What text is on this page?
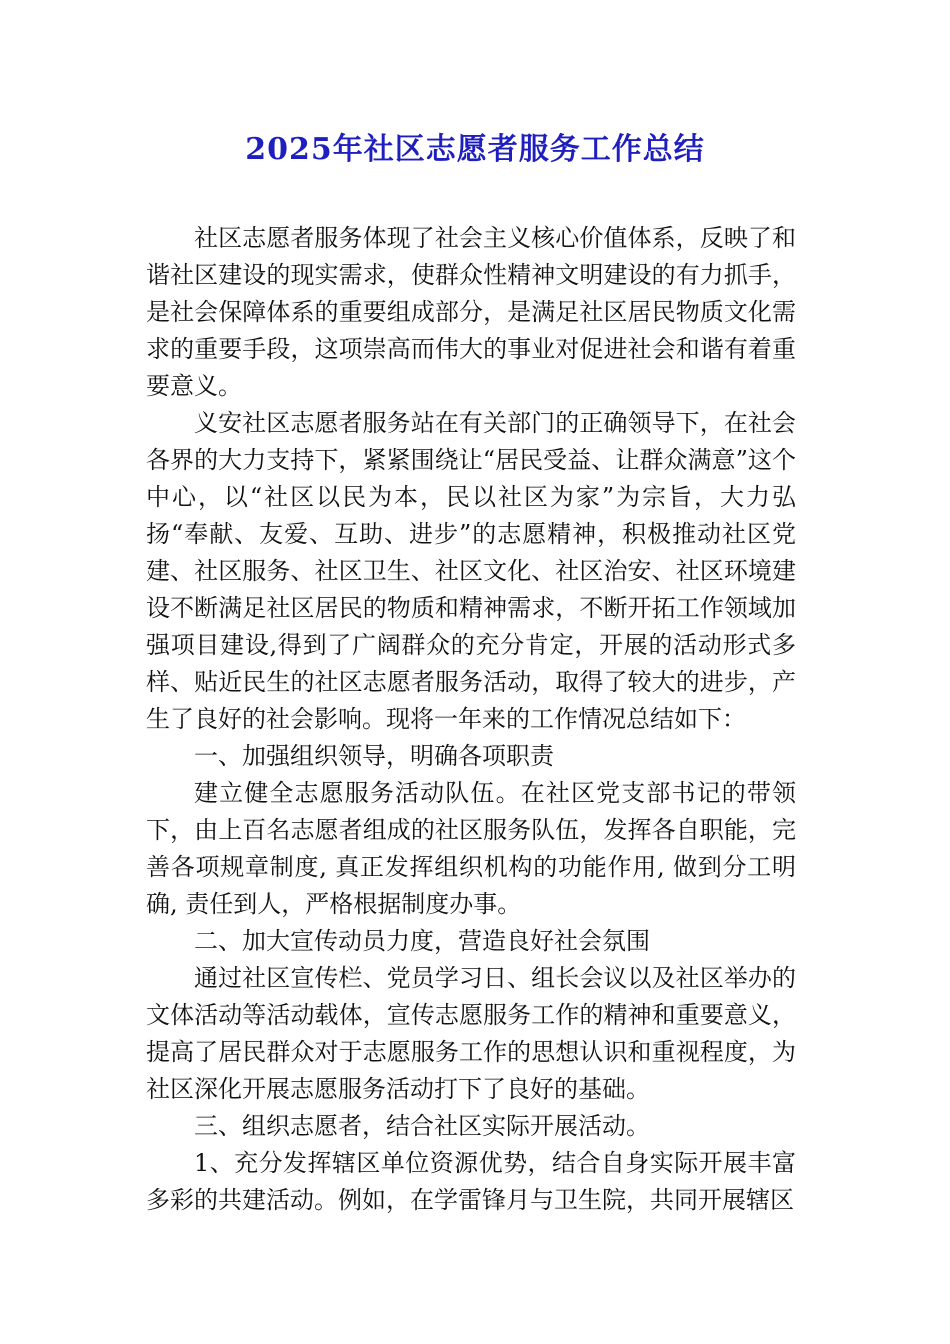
2025年社区志愿者服务工作总结

社区志愿者服务体现了社会主义核心价值体系，反映了和谐社区建设的现实需求，使群众性精神文明建设的有力抓手，是社会保障体系的重要组成部分，是满足社区居民物质文化需求的重要手段，这项崇高而伟大的事业对促进社会和谐有着重要意义。

义安社区志愿者服务站在有关部门的正确领导下，在社会各界的大力支持下，紧紧围绕让“居民受益、让群众满意”这个中心，以“社区以民为本，民以社区为家”为宗旨，大力弘扬“奉献、友爱、互助、进步”的志愿精神，积极推动社区党建、社区服务、社区卫生、社区文化、社区治安、社区环境建设不断满足社区居民的物质和精神需求，不断开拓工作领域加强项目建设,得到了广阔群众的充分肯定，开展的活动形式多样、贴近民生的社区志愿者服务活动，取得了较大的进步，产生了良好的社会影响。现将一年来的工作情况总结如下：

一、加强组织领导，明确各项职责

建立健全志愿服务活动队伍。在社区党支部书记的带领下，由上百名志愿者组成的社区服务队伍，发挥各自职能，完善各项规章制度, 真正发挥组织机构的功能作用, 做到分工明确, 责任到人，严格根据制度办事。

二、加大宣传动员力度，营造良好社会氛围

通过社区宣传栏、党员学习日、组长会议以及社区举办的文体活动等活动载体，宣传志愿服务工作的精神和重要意义，提高了居民群众对于志愿服务工作的思想认识和重视程度，为社区深化开展志愿服务活动打下了良好的基础。

三、组织志愿者，结合社区实际开展活动。

1、充分发挥辖区单位资源优势，结合自身实际开展丰富多彩的共建活动。例如，在学雷锋月与卫生院，共同开展辖区
